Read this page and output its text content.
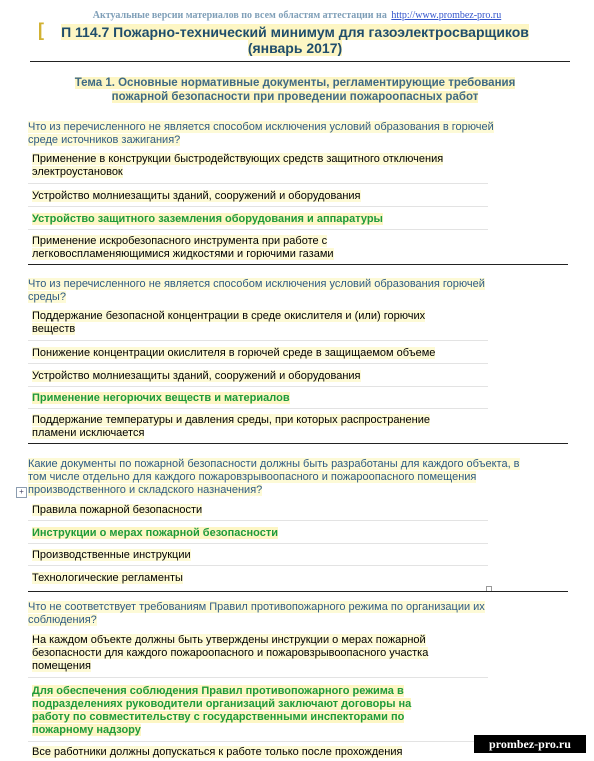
Актуальные версии материалов по всем областям аттестации на http://www.prombez-pro.ru
[	П 114.7 Пожарно-технический минимум для газоэлектросварщиков
(январь 2017)
Тема 1. Основные нормативные документы, регламентирующие требования
пожарной безопасности при проведении пожароопасных работ
Что из перечисленного не является способом исключения условий образования в горючей
среде источников зажигания?
Применение в конструкции быстродействующих средств защитного отключения
электроустановок
Устройство молниезащиты зданий, сооружений и оборудования
Устройство защитного заземления оборудования и аппаратуры
Применение искробезопасного инструмента при работе с
легковоспламеняющимися жидкостями и горючими газами
Что из перечисленного не является способом исключения условий образования горючей
среды?
Поддержание безопасной концентрации в среде окислителя и (или) горючих
веществ
Понижение концентрации окислителя в горючей среде в защищаемом объеме
Устройство молниезащиты зданий, сооружений и оборудования
Применение негорючих веществ и материалов
Поддержание температуры и давления среды, при которых распространение
пламени исключается
Какие документы по пожарной безопасности должны быть разработаны для каждого объекта, в
том числе отдельно для каждого пожаровзрывоопасного и пожароопасного помещения
производственного и складского назначения?
+
Правила пожарной безопасности
Инструкции о мерах пожарной безопасности
Производственные инструкции
Технологические регламенты
Что не соответствует требованиям Правил противопожарного режима по организации их
соблюдения?
На каждом объекте должны быть утверждены инструкции о мерах пожарной
безопасности для каждого пожароопасного и пожаровзрывоопасного участка
помещения
Для обеспечения соблюдения Правил противопожарного режима в
подразделениях руководители организаций заключают договоры на
работу по совместительству с государственными инспекторами по
пожарному надзору
Все работники должны допускаться к работе только после прохождения
prombez-pro.ru
